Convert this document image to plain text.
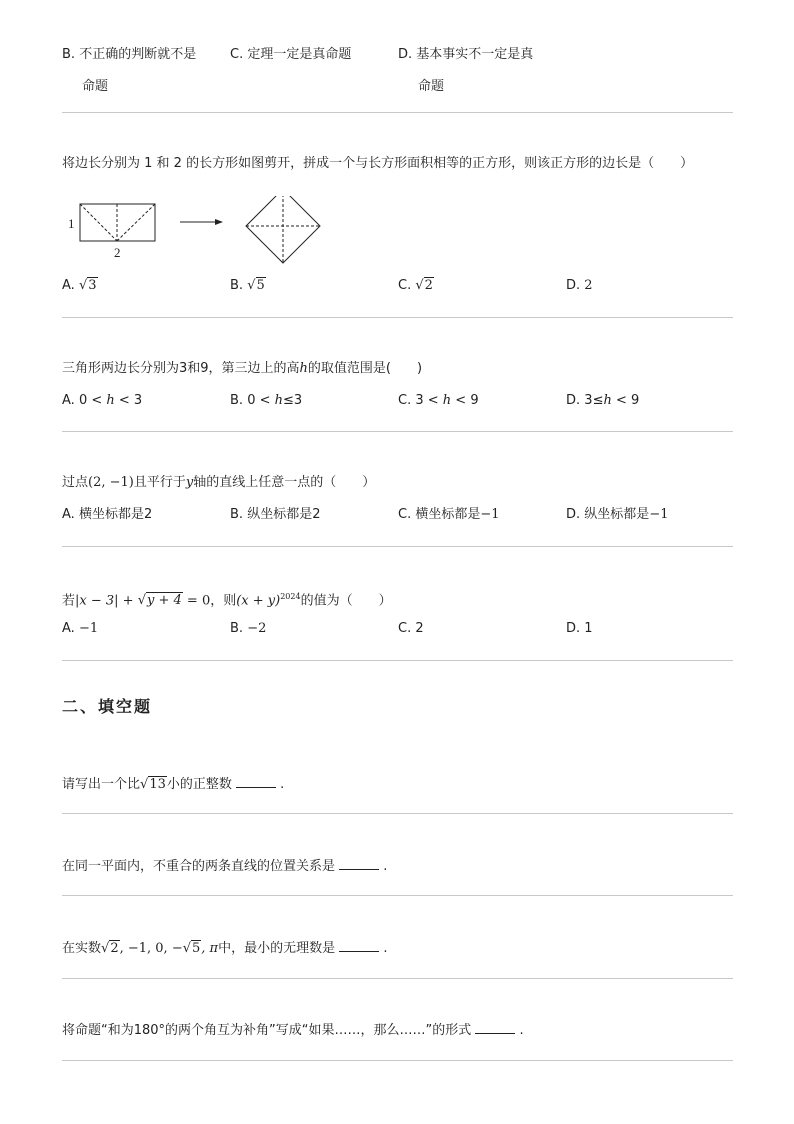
B. 不正确的判断就不是
命题
C. 定理一定是真命题	D. 基本事实不一定是真
命题
将边长分别为 1 和 2 的长方形如图剪开，拼成一个与长方形面积相等的正方形，则该正方形的边长是（　　）
1
2
A. √3	B. √5	C. √2	D. 2
三角形两边长分别为3和9，第三边上的高h的取值范围是(　　)
A. 0 < h < 3	B. 0 < h≤3	C. 3 < h < 9	D. 3≤h < 9
过点(2, −1)且平行于y轴的直线上任意一点的（　　）
A. 横坐标都是2	B. 纵坐标都是2	C. 横坐标都是−1	D. 纵坐标都是−1
若|x − 3| + √y + 4 = 0，则$(x + y)^{2024}$的值为（　　）
A. −1	B. −2	C. 2	D. 1
二、填空题
请写出一个比√13小的正整数	.
在同一平面内，不重合的两条直线的位置关系是	.
在实数√2, −1, 0, −√5, π中，最小的无理数是	.
将命题“和为180°的两个角互为补角”写成“如果……，那么……”的形式	.
